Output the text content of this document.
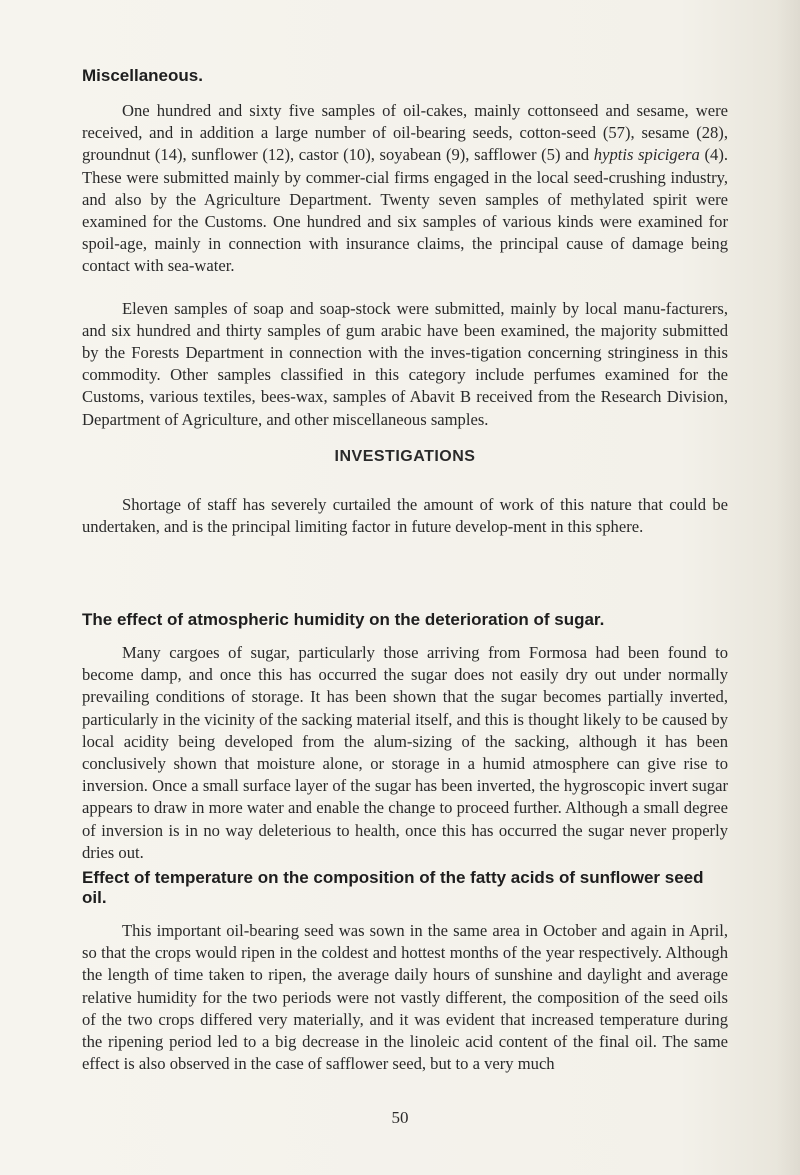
Miscellaneous.

One hundred and sixty five samples of oil-cakes, mainly cottonseed and sesame, were received, and in addition a large number of oil-bearing seeds, cotton-seed (57), sesame (28), groundnut (14), sunflower (12), castor (10), soyabean (9), safflower (5) and hyptis spicigera (4). These were submitted mainly by commer-cial firms engaged in the local seed-crushing industry, and also by the Agriculture Department. Twenty seven samples of methylated spirit were examined for the Customs. One hundred and six samples of various kinds were examined for spoil-age, mainly in connection with insurance claims, the principal cause of damage being contact with sea-water.

Eleven samples of soap and soap-stock were submitted, mainly by local manu-facturers, and six hundred and thirty samples of gum arabic have been examined, the majority submitted by the Forests Department in connection with the inves-tigation concerning stringiness in this commodity. Other samples classified in this category include perfumes examined for the Customs, various textiles, bees-wax, samples of Abavit B received from the Research Division, Department of Agriculture, and other miscellaneous samples.

INVESTIGATIONS

Shortage of staff has severely curtailed the amount of work of this nature that could be undertaken, and is the principal limiting factor in future develop-ment in this sphere.

The effect of atmospheric humidity on the deterioration of sugar.

Many cargoes of sugar, particularly those arriving from Formosa had been found to become damp, and once this has occurred the sugar does not easily dry out under normally prevailing conditions of storage. It has been shown that the sugar becomes partially inverted, particularly in the vicinity of the sacking material itself, and this is thought likely to be caused by local acidity being developed from the alum-sizing of the sacking, although it has been conclusively shown that moisture alone, or storage in a humid atmosphere can give rise to inversion. Once a small surface layer of the sugar has been inverted, the hygroscopic invert sugar appears to draw in more water and enable the change to proceed further. Although a small degree of inversion is in no way deleterious to health, once this has occurred the sugar never properly dries out.

Effect of temperature on the composition of the fatty acids of sunflower seed oil.

This important oil-bearing seed was sown in the same area in October and again in April, so that the crops would ripen in the coldest and hottest months of the year respectively. Although the length of time taken to ripen, the average daily hours of sunshine and daylight and average relative humidity for the two periods were not vastly different, the composition of the seed oils of the two crops differed very materially, and it was evident that increased temperature during the ripening period led to a big decrease in the linoleic acid content of the final oil. The same effect is also observed in the case of safflower seed, but to a very much

50
